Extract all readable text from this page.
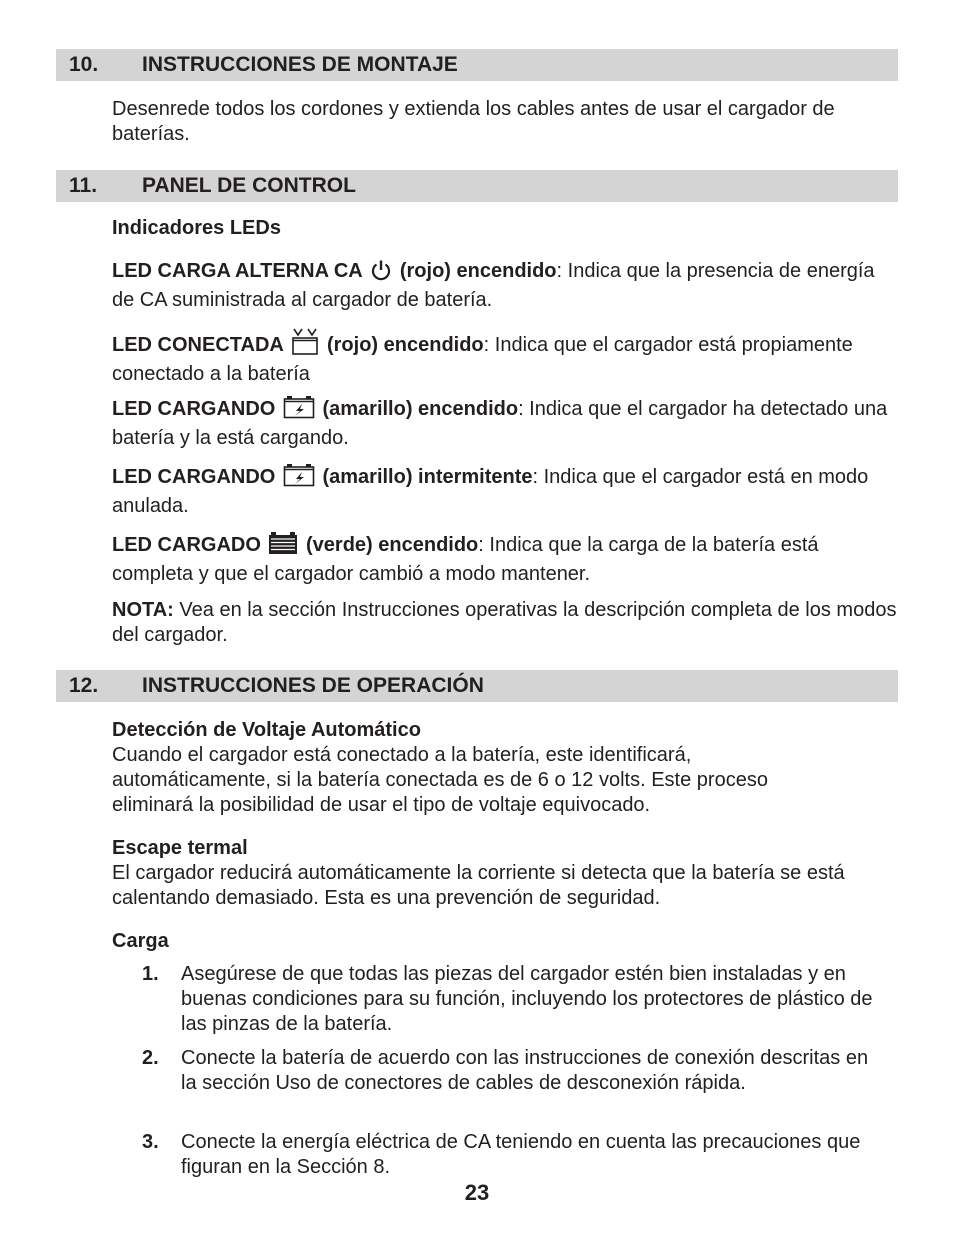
10. INSTRUCCIONES DE MONTAJE

Desenrede todos los cordones y extienda los cables antes de usar el cargador de baterías.

11. PANEL DE CONTROL

Indicadores LEDs

LED CARGA ALTERNA CA (rojo) encendido: Indica que la presencia de energía de CA suministrada al cargador de batería.

LED CONECTADA (rojo) encendido: Indica que el cargador está propiamente conectado a la batería

LED CARGANDO (amarillo) encendido: Indica que el cargador ha detectado una batería y la está cargando.

LED CARGANDO (amarillo) intermitente: Indica que el cargador está en modo anulada.

LED CARGADO (verde) encendido: Indica que la carga de la batería está completa y que el cargador cambió a modo mantener.

NOTA: Vea en la sección Instrucciones operativas la descripción completa de los modos del cargador.

12. INSTRUCCIONES DE OPERACIÓN

Detección de Voltaje Automático
Cuando el cargador está conectado a la batería, este identificará, automáticamente, si la batería conectada es de 6 o 12 volts. Este proceso eliminará la posibilidad de usar el tipo de voltaje equivocado.

Escape termal
El cargador reducirá automáticamente la corriente si detecta que la batería se está calentando demasiado. Esta es una prevención de seguridad.

Carga

1. Asegúrese de que todas las piezas del cargador estén bien instaladas y en buenas condiciones para su función, incluyendo los protectores de plástico de las pinzas de la batería.
2. Conecte la batería de acuerdo con las instrucciones de conexión descritas en la sección Uso de conectores de cables de desconexión rápida.
3. Conecte la energía eléctrica de CA teniendo en cuenta las precauciones que figuran en la Sección 8.
23
